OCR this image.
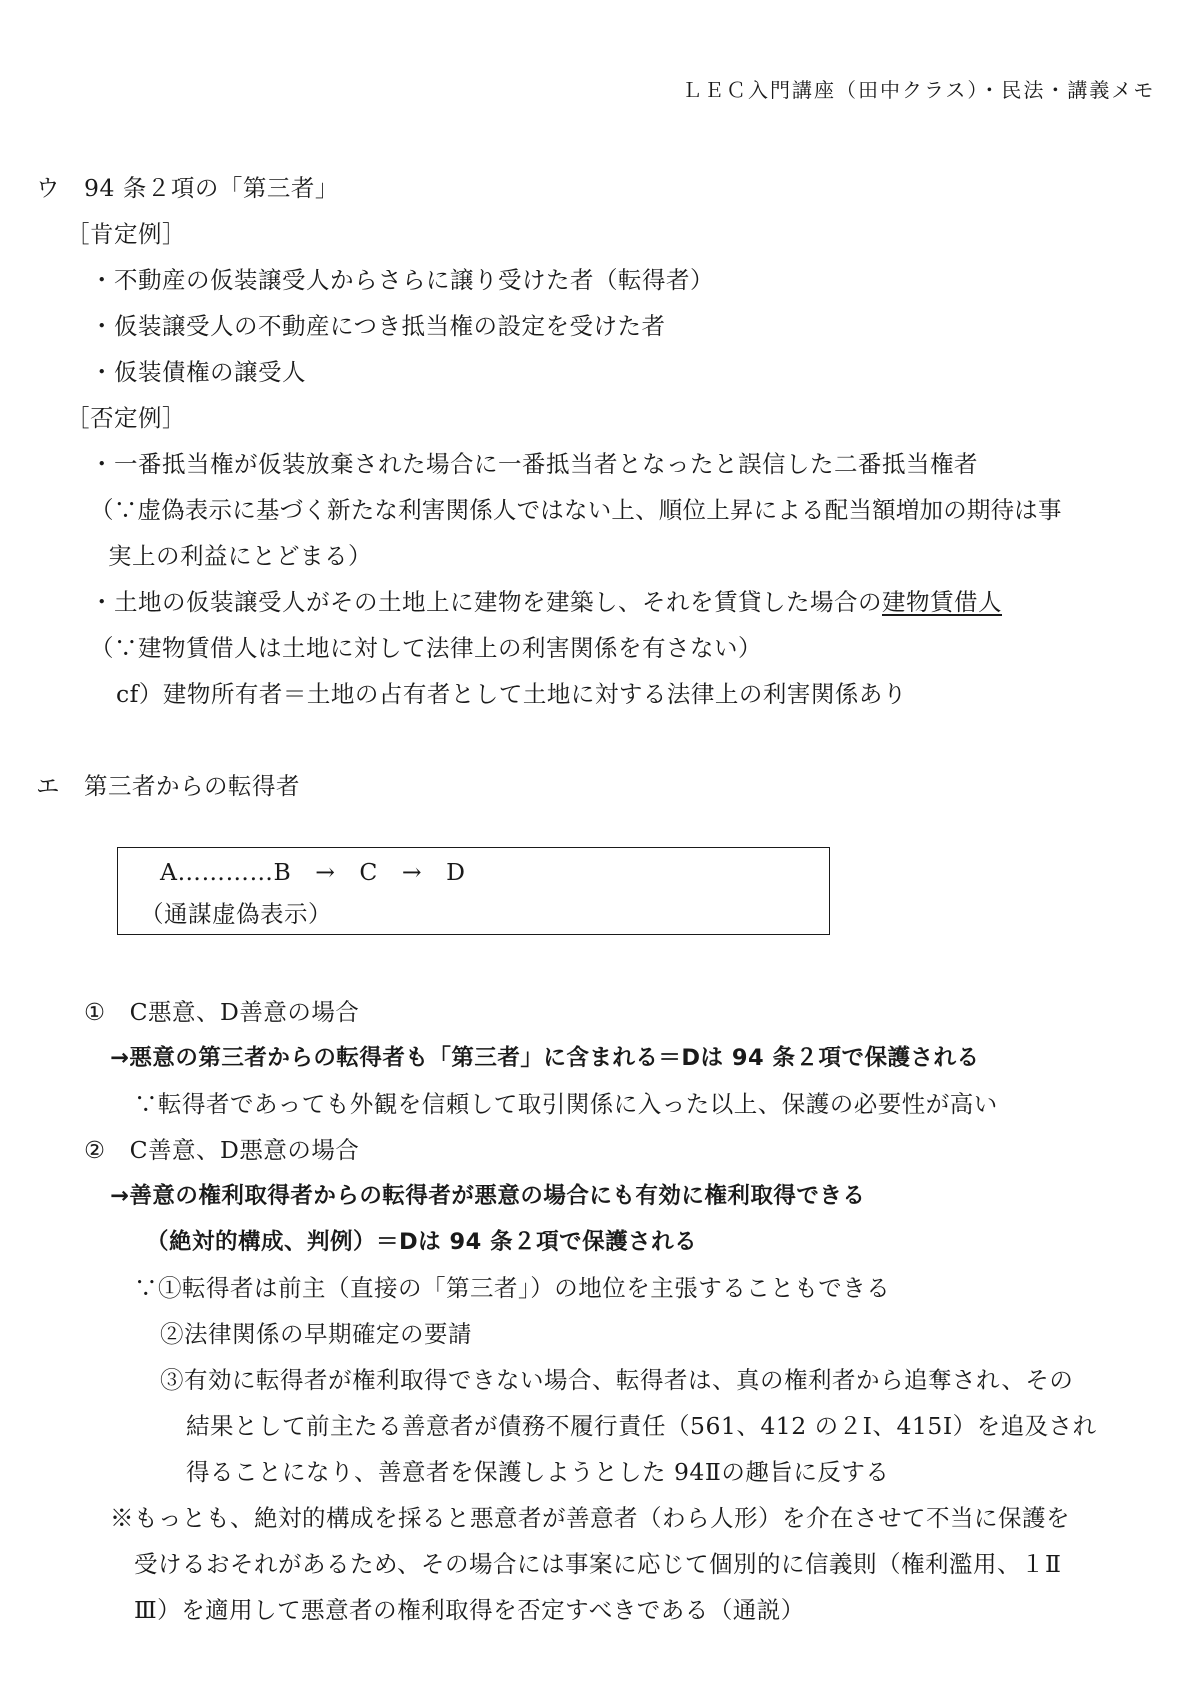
ＬＥＣ入門講座（田中クラス）・民法・講義メモ
ウ　94 条２項の「第三者」
［肯定例］
・不動産の仮装譲受人からさらに譲り受けた者（転得者）
・仮装譲受人の不動産につき抵当権の設定を受けた者
・仮装債権の譲受人
［否定例］
・一番抵当権が仮装放棄された場合に一番抵当者となったと誤信した二番抵当権者
（∵虚偽表示に基づく新たな利害関係人ではない上、順位上昇による配当額増加の期待は事
実上の利益にとどまる）
・土地の仮装譲受人がその土地上に建物を建築し、それを賃貸した場合の建物賃借人
（∵建物賃借人は土地に対して法律上の利害関係を有さない）
cf）建物所有者＝土地の占有者として土地に対する法律上の利害関係あり
エ　第三者からの転得者
A…………B　→　C　→　D
（通謀虚偽表示）
①　C悪意、D善意の場合
→悪意の第三者からの転得者も「第三者」に含まれる＝Dは 94 条２項で保護される
∵転得者であっても外観を信頼して取引関係に入った以上、保護の必要性が高い
②　C善意、D悪意の場合
→善意の権利取得者からの転得者が悪意の場合にも有効に権利取得できる
（絶対的構成、判例）＝Dは 94 条２項で保護される
∵①転得者は前主（直接の「第三者」）の地位を主張することもできる
②法律関係の早期確定の要請
③有効に転得者が権利取得できない場合、転得者は、真の権利者から追奪され、その
結果として前主たる善意者が債務不履行責任（561、412 の２Ⅰ、415Ⅰ）を追及され
得ることになり、善意者を保護しようとした 94Ⅱの趣旨に反する
※もっとも、絶対的構成を採ると悪意者が善意者（わら人形）を介在させて不当に保護を
受けるおそれがあるため、その場合には事案に応じて個別的に信義則（権利濫用、１Ⅱ
Ⅲ）を適用して悪意者の権利取得を否定すべきである（通説）
